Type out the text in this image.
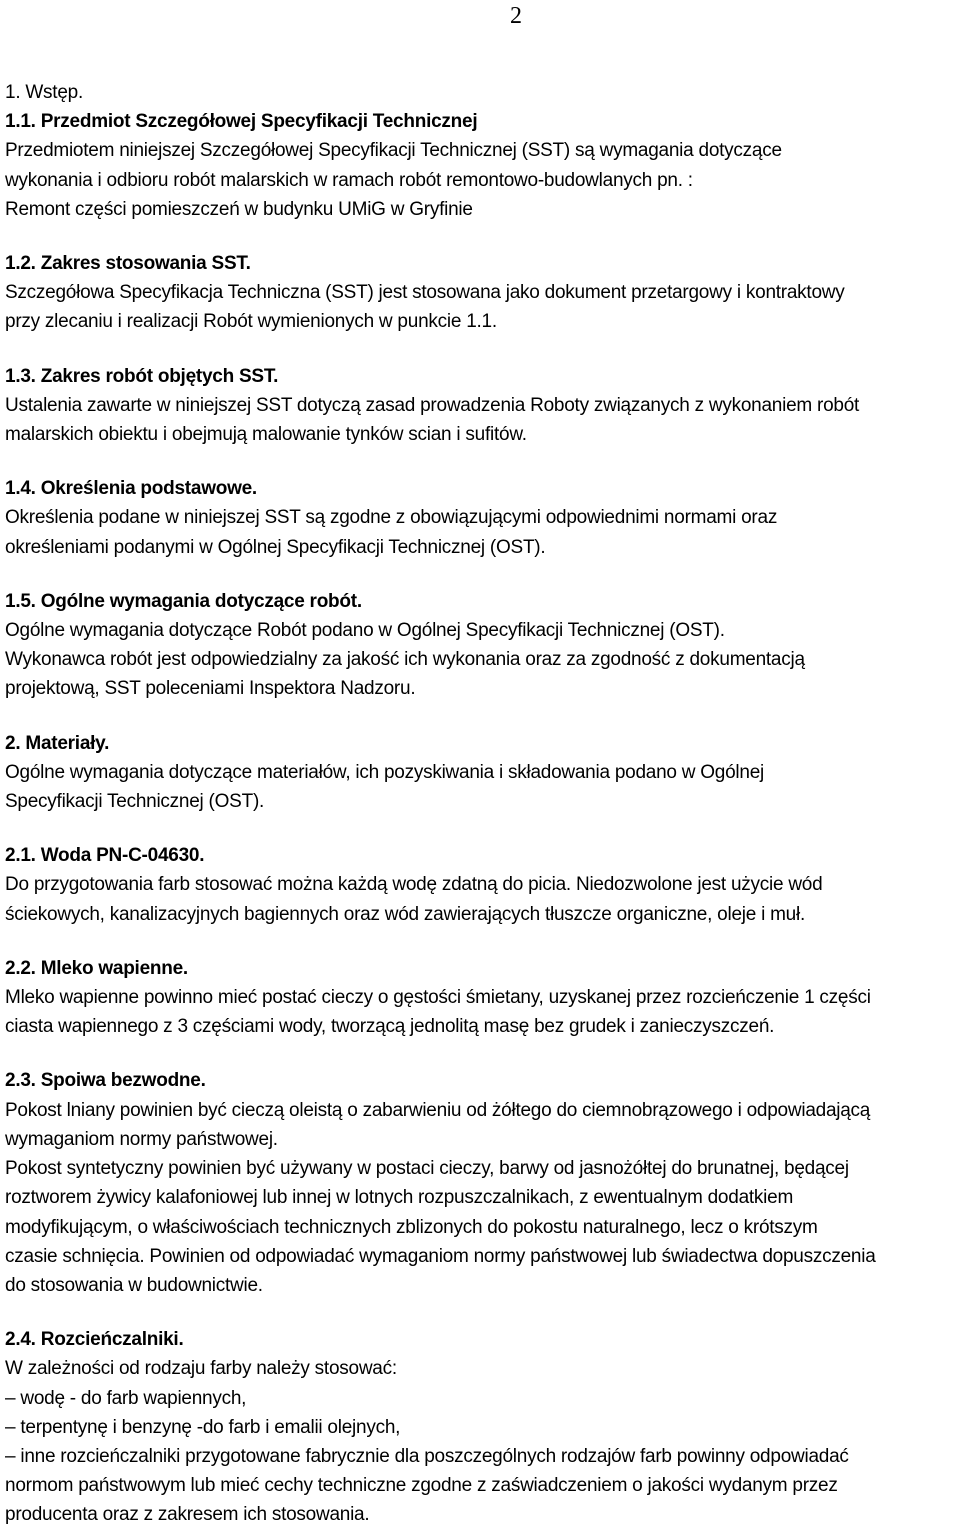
2

1. Wstęp.

1.1. Przedmiot Szczegółowej Specyfikacji Technicznej

Przedmiotem niniejszej Szczegółowej Specyfikacji Technicznej (SST) są wymagania dotyczące

wykonania i odbioru robót malarskich w ramach robót remontowo-budowlanych pn. :

Remont części pomieszczeń w budynku UMiG w Gryfinie

1.2. Zakres stosowania SST.

Szczegółowa Specyfikacja Techniczna (SST) jest stosowana jako dokument przetargowy i kontraktowy

przy zlecaniu i realizacji Robót wymienionych w punkcie 1.1.

1.3. Zakres robót objętych SST.

Ustalenia zawarte w niniejszej SST dotyczą zasad prowadzenia Roboty związanych z wykonaniem robót

malarskich obiektu i obejmują malowanie tynków scian i sufitów.

1.4. Określenia podstawowe.

Określenia podane w niniejszej SST są zgodne z obowiązującymi odpowiednimi normami oraz

określeniami podanymi w Ogólnej Specyfikacji Technicznej (OST).

1.5. Ogólne wymagania dotyczące robót.

Ogólne wymagania dotyczące Robót podano w Ogólnej Specyfikacji Technicznej (OST).

Wykonawca robót jest odpowiedzialny za jakość ich wykonania oraz za zgodność z dokumentacją

projektową, SST poleceniami Inspektora Nadzoru.

2. Materiały.

Ogólne wymagania dotyczące materiałów, ich pozyskiwania i składowania podano w Ogólnej

Specyfikacji Technicznej (OST).

2.1. Woda PN-C-04630.

Do przygotowania farb stosować można każdą wodę zdatną do picia. Niedozwolone jest użycie wód

ściekowych, kanalizacyjnych bagiennych oraz wód zawierających tłuszcze organiczne, oleje i muł.

2.2. Mleko wapienne.

Mleko wapienne powinno mieć postać cieczy o gęstości śmietany, uzyskanej przez rozcieńczenie 1 części

ciasta wapiennego z 3 częściami wody, tworzącą jednolitą masę bez grudek i zanieczyszczeń.

2.3. Spoiwa bezwodne.

Pokost lniany powinien być cieczą oleistą o zabarwieniu od żółtego do ciemnobrązowego i odpowiadającą

wymaganiom normy państwowej.

Pokost syntetyczny powinien być używany w postaci cieczy, barwy od jasnożółtej do brunatnej, będącej

roztworem żywicy kalafoniowej lub innej w lotnych rozpuszczalnikach, z ewentualnym dodatkiem

modyfikującym, o właściwościach technicznych zblizonych do pokostu naturalnego, lecz o krótszym

czasie schnięcia. Powinien od odpowiadać wymaganiom normy państwowej lub świadectwa dopuszczenia

do stosowania w budownictwie.

2.4. Rozcieńczalniki.

W zależności od rodzaju farby należy stosować:

– wodę - do farb wapiennych,

– terpentynę i benzynę -do farb i emalii olejnych,

– inne rozcieńczalniki przygotowane fabrycznie dla poszczególnych rodzajów farb powinny odpowiadać

normom państwowym lub mieć cechy techniczne zgodne z zaświadczeniem o jakości wydanym przez

producenta oraz z zakresem ich stosowania.
